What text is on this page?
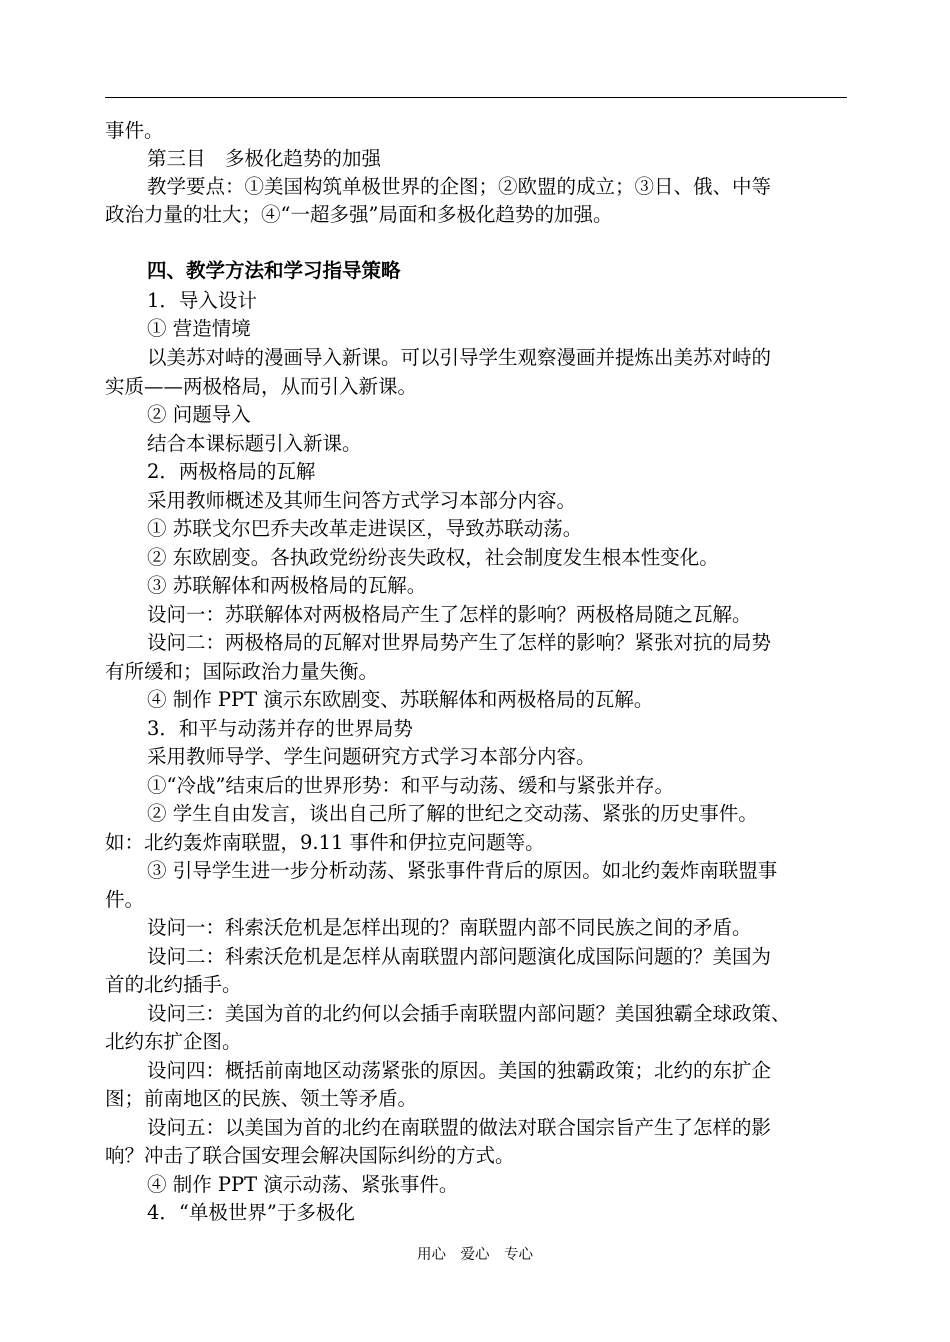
事件。
第三目　多极化趋势的加强
教学要点：①美国构筑单极世界的企图；②欧盟的成立；③日、俄、中等
政治力量的壮大；④“一超多强”局面和多极化趋势的加强。
四、教学方法和学习指导策略
1．导入设计
① 营造情境
以美苏对峙的漫画导入新课。可以引导学生观察漫画并提炼出美苏对峙的
实质——两极格局，从而引入新课。
② 问题导入
结合本课标题引入新课。
2．两极格局的瓦解
采用教师概述及其师生问答方式学习本部分内容。
① 苏联戈尔巴乔夫改革走进误区，导致苏联动荡。
② 东欧剧变。各执政党纷纷丧失政权，社会制度发生根本性变化。
③ 苏联解体和两极格局的瓦解。
设问一：苏联解体对两极格局产生了怎样的影响？两极格局随之瓦解。
设问二：两极格局的瓦解对世界局势产生了怎样的影响？紧张对抗的局势
有所缓和；国际政治力量失衡。
④ 制作 PPT 演示东欧剧变、苏联解体和两极格局的瓦解。
3．和平与动荡并存的世界局势
采用教师导学、学生问题研究方式学习本部分内容。
①“冷战”结束后的世界形势：和平与动荡、缓和与紧张并存。
② 学生自由发言，谈出自己所了解的世纪之交动荡、紧张的历史事件。
如：北约轰炸南联盟，9.11 事件和伊拉克问题等。
③ 引导学生进一步分析动荡、紧张事件背后的原因。如北约轰炸南联盟事
件。
设问一：科索沃危机是怎样出现的？南联盟内部不同民族之间的矛盾。
设问二：科索沃危机是怎样从南联盟内部问题演化成国际问题的？美国为
首的北约插手。
设问三：美国为首的北约何以会插手南联盟内部问题？美国独霸全球政策、
北约东扩企图。
设问四：概括前南地区动荡紧张的原因。美国的独霸政策；北约的东扩企
图；前南地区的民族、领土等矛盾。
设问五：以美国为首的北约在南联盟的做法对联合国宗旨产生了怎样的影
响？冲击了联合国安理会解决国际纠纷的方式。
④ 制作 PPT 演示动荡、紧张事件。
4．“单极世界”于多极化
用心　爱心　专心
